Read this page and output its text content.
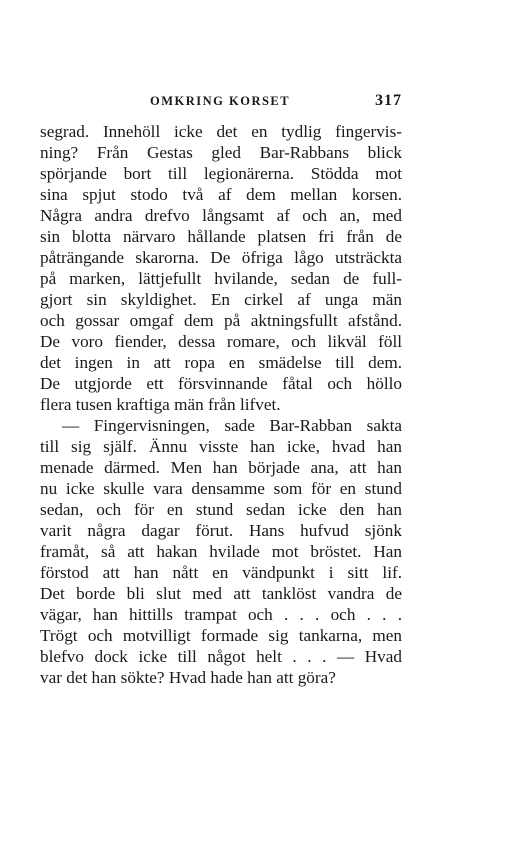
OMKRING KORSET	317
segrad. Innehöll icke det en tydlig fingervis-
ning? Från Gestas gled Bar-Rabbans blick
spörjande bort till legionärerna. Stödda mot
sina spjut stodo två af dem mellan korsen.
Några andra drefvo långsamt af och an, med
sin blotta närvaro hållande platsen fri från de
påträngande skarorna. De öfriga lågo utsträckta
på marken, lättjefullt hvilande, sedan de full-
gjort sin skyldighet. En cirkel af unga män
och gossar omgaf dem på aktningsfullt afstånd.
De voro fiender, dessa romare, och likväl föll
det ingen in att ropa en smädelse till dem.
De utgjorde ett försvinnande fåtal och höllo
flera tusen kraftiga män från lifvet.
— Fingervisningen, sade Bar-Rabban sakta
till sig själf. Ännu visste han icke, hvad han
menade därmed. Men han började ana, att han
nu icke skulle vara densamme som för en stund
sedan, och för en stund sedan icke den han
varit några dagar förut. Hans hufvud sjönk
framåt, så att hakan hvilade mot bröstet. Han
förstod att han nått en vändpunkt i sitt lif.
Det borde bli slut med att tanklöst vandra de
vägar, han hittills trampat och . . . och . . .
Trögt och motvilligt formade sig tankarna, men
blefvo dock icke till något helt . . . — Hvad
var det han sökte? Hvad hade han att göra?
